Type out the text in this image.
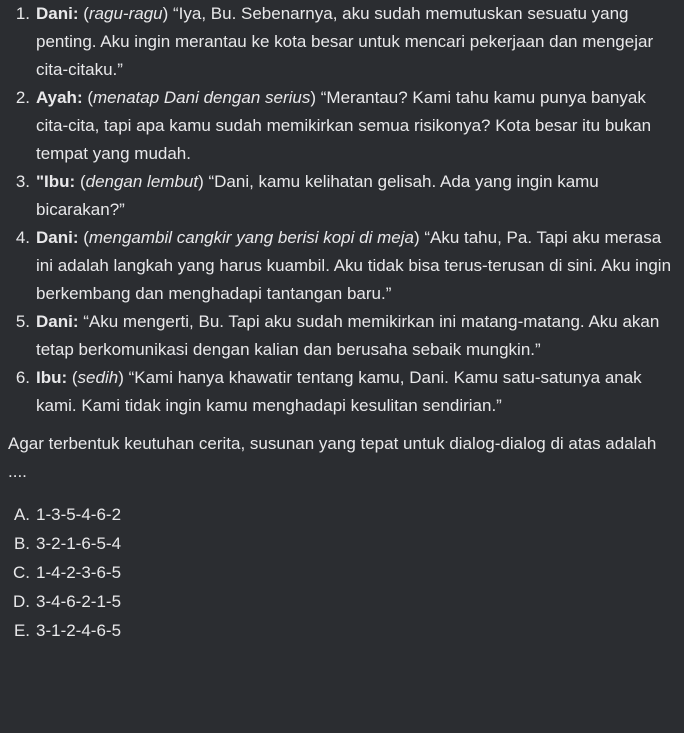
1. Dani: (ragu-ragu) “Iya, Bu. Sebenarnya, aku sudah memutuskan sesuatu yang penting. Aku ingin merantau ke kota besar untuk mencari pekerjaan dan mengejar cita-citaku.”
2. Ayah: (menatap Dani dengan serius) “Merantau? Kami tahu kamu punya banyak cita-cita, tapi apa kamu sudah memikirkan semua risikonya? Kota besar itu bukan tempat yang mudah.
3. "Ibu: (dengan lembut) “Dani, kamu kelihatan gelisah. Ada yang ingin kamu bicarakan?”
4. Dani: (mengambil cangkir yang berisi kopi di meja) “Aku tahu, Pa. Tapi aku merasa ini adalah langkah yang harus kuambil. Aku tidak bisa terus-terusan di sini. Aku ingin berkembang dan menghadapi tantangan baru.”
5. Dani: “Aku mengerti, Bu. Tapi aku sudah memikirkan ini matang-matang. Aku akan tetap berkomunikasi dengan kalian dan berusaha sebaik mungkin.”
6. Ibu: (sedih) “Kami hanya khawatir tentang kamu, Dani. Kamu satu-satunya anak kami. Kami tidak ingin kamu menghadapi kesulitan sendirian.”
Agar terbentuk keutuhan cerita, susunan yang tepat untuk dialog-dialog di atas adalah ....
A. 1-3-5-4-6-2
B. 3-2-1-6-5-4
C. 1-4-2-3-6-5
D. 3-4-6-2-1-5
E. 3-1-2-4-6-5
